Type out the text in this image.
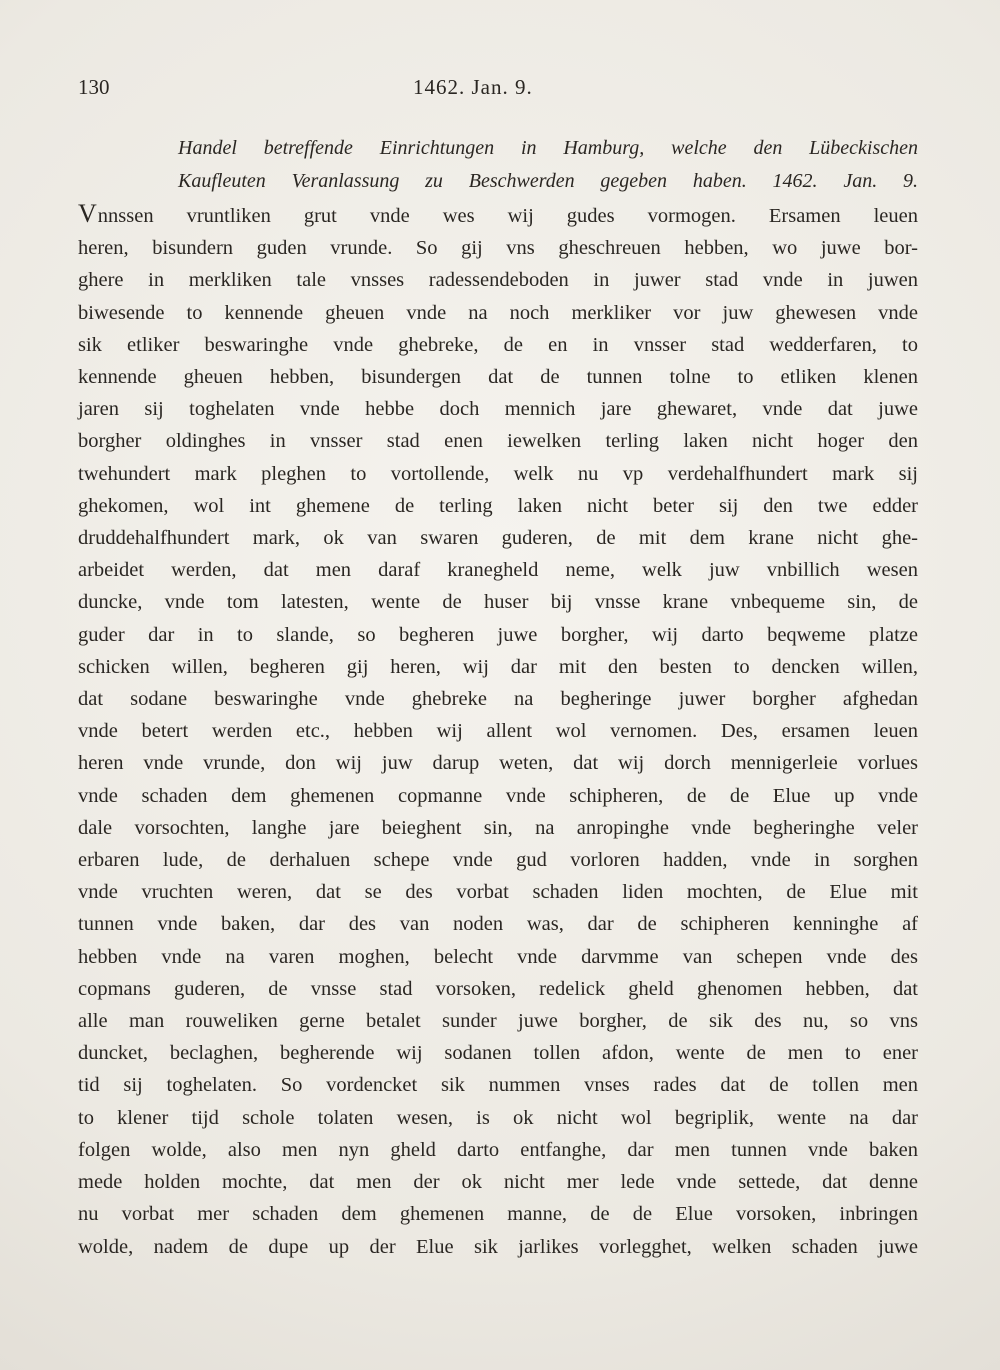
130	1462. Jan. 9.
Handel betreffende Einrichtungen in Hamburg, welche den Lübeckischen
Kaufleuten Veranlassung zu Beschwerden gegeben haben. 1462. Jan. 9.
Vnnssen vruntliken grut vnde wes wij gudes vormogen. Ersamen leuen
heren, bisundern guden vrunde. So gij vns gheschreuen hebben, wo juwe bor-
ghere in merkliken tale vnsses radessendeboden in juwer stad vnde in juwen
biwesende to kennende gheuen vnde na noch merkliker vor juw ghewesen vnde
sik etliker beswaringhe vnde ghebreke, de en in vnsser stad wedderfaren, to
kennende gheuen hebben, bisundergen dat de tunnen tolne to etliken klenen
jaren sij toghelaten vnde hebbe doch mennich jare ghewaret, vnde dat juwe
borgher oldinghes in vnsser stad enen iewelken terling laken nicht hoger den
twehundert mark pleghen to vortollende, welk nu vp verdehalfhundert mark sij
ghekomen, wol int ghemene de terling laken nicht beter sij den twe edder
druddehalfhundert mark, ok van swaren guderen, de mit dem krane nicht ghe-
arbeidet werden, dat men daraf kranegheld neme, welk juw vnbillich wesen
duncke, vnde tom latesten, wente de huser bij vnsse krane vnbequeme sin, de
guder dar in to slande, so begheren juwe borgher, wij darto beqweme platze
schicken willen, begheren gij heren, wij dar mit den besten to dencken willen,
dat sodane beswaringhe vnde ghebreke na begheringe juwer borgher afghedan
vnde betert werden etc., hebben wij allent wol vernomen. Des, ersamen leuen
heren vnde vrunde, don wij juw darup weten, dat wij dorch mennigerleie vorlues
vnde schaden dem ghemenen copmanne vnde schipheren, de de Elue up vnde
dale vorsochten, langhe jare beieghent sin, na anropinghe vnde begheringhe veler
erbaren lude, de derhaluen schepe vnde gud vorloren hadden, vnde in sorghen
vnde vruchten weren, dat se des vorbat schaden liden mochten, de Elue mit
tunnen vnde baken, dar des van noden was, dar de schipheren kenninghe af
hebben vnde na varen moghen, belecht vnde darvmme van schepen vnde des
copmans guderen, de vnsse stad vorsoken, redelick gheld ghenomen hebben, dat
alle man rouweliken gerne betalet sunder juwe borgher, de sik des nu, so vns
duncket, beclaghen, begherende wij sodanen tollen afdon, wente de men to ener
tid sij toghelaten. So vordencket sik nummen vnses rades dat de tollen men
to klener tijd schole tolaten wesen, is ok nicht wol begriplik, wente na dar
folgen wolde, also men nyn gheld darto entfanghe, dar men tunnen vnde baken
mede holden mochte, dat men der ok nicht mer lede vnde settede, dat denne
nu vorbat mer schaden dem ghemenen manne, de de Elue vorsoken, inbringen
wolde, nadem de dupe up der Elue sik jarlikes vorlegghet, welken schaden juwe
